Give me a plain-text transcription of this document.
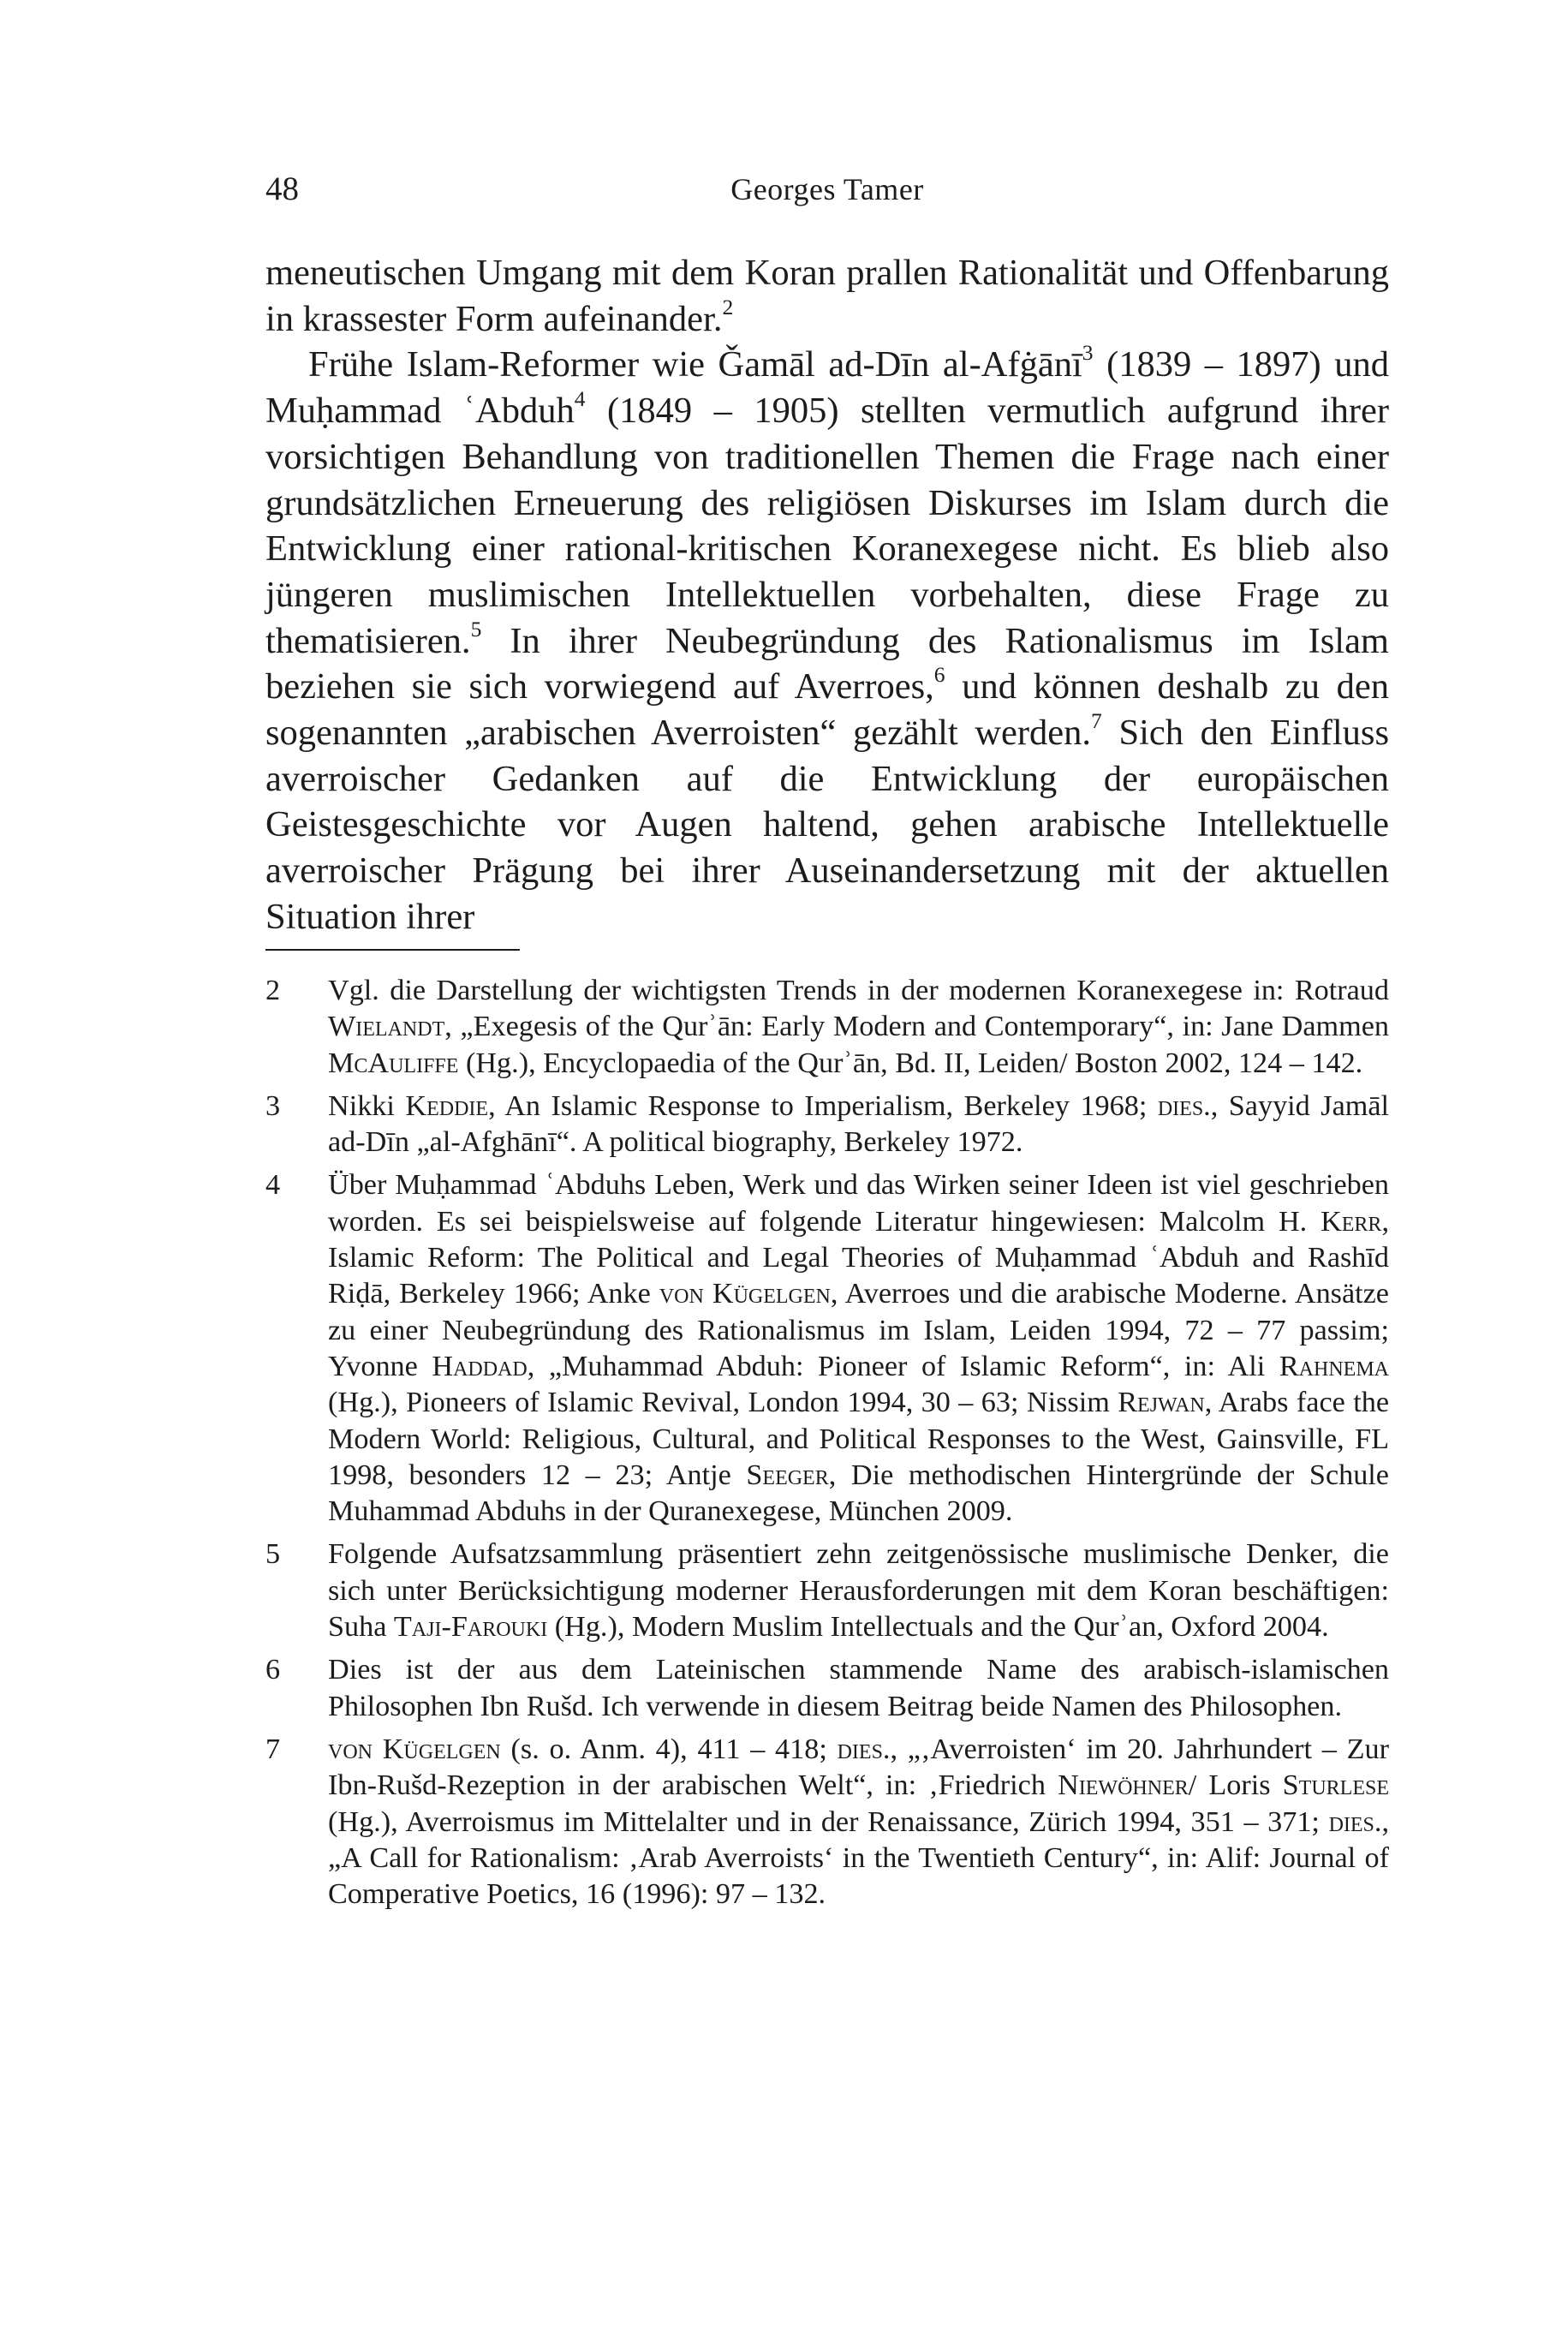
48	Georges Tamer

meneutischen Umgang mit dem Koran prallen Rationalität und Offenbarung in krassester Form aufeinander.$^2$

Frühe Islam-Reformer wie Ǧamāl ad-Dīn al-Afġānī$^3$ (1839 – 1897) und Muḥammad ʿAbduh$^4$ (1849 – 1905) stellten vermutlich aufgrund ihrer vorsichtigen Behandlung von traditionellen Themen die Frage nach einer grundsätzlichen Erneuerung des religiösen Diskurses im Islam durch die Entwicklung einer rational-kritischen Koranexegese nicht. Es blieb also jüngeren muslimischen Intellektuellen vorbehalten, diese Frage zu thematisieren.$^5$ In ihrer Neubegründung des Rationalismus im Islam beziehen sie sich vorwiegend auf Averroes,$^6$ und können deshalb zu den sogenannten „arabischen Averroisten“ gezählt werden.$^7$ Sich den Einfluss averroischer Gedanken auf die Entwicklung der europäischen Geistesgeschichte vor Augen haltend, gehen arabische Intellektuelle averroischer Prägung bei ihrer Auseinandersetzung mit der aktuellen Situation ihrer

2 Vgl. die Darstellung der wichtigsten Trends in der modernen Koranexegese in: Rotraud Wielandt, „Exegesis of the Qurʾān: Early Modern and Contemporary“, in: Jane Dammen McAuliffe (Hg.), Encyclopaedia of the Qurʾān, Bd. II, Leiden/ Boston 2002, 124 – 142.
3 Nikki Keddie, An Islamic Response to Imperialism, Berkeley 1968; dies., Sayyid Jamāl ad-Dīn „al-Afghānī“. A political biography, Berkeley 1972.
4 Über Muḥammad ʿAbduhs Leben, Werk und das Wirken seiner Ideen ist viel geschrieben worden. Es sei beispielsweise auf folgende Literatur hingewiesen: Malcolm H. Kerr, Islamic Reform: The Political and Legal Theories of Muḥammad ʿAbduh and Rashīd Riḍā, Berkeley 1966; Anke von Kügelgen, Averroes und die arabische Moderne. Ansätze zu einer Neubegründung des Rationalismus im Islam, Leiden 1994, 72 – 77 passim; Yvonne Haddad, „Muhammad Abduh: Pioneer of Islamic Reform“, in: Ali Rahnema (Hg.), Pioneers of Islamic Revival, London 1994, 30 – 63; Nissim Rejwan, Arabs face the Modern World: Religious, Cultural, and Political Responses to the West, Gainsville, FL 1998, besonders 12 – 23; Antje Seeger, Die methodischen Hintergründe der Schule Muhammad Abduhs in der Quranexegese, München 2009.
5 Folgende Aufsatzsammlung präsentiert zehn zeitgenössische muslimische Denker, die sich unter Berücksichtigung moderner Herausforderungen mit dem Koran beschäftigen: Suha Taji-Farouki (Hg.), Modern Muslim Intellectuals and the Qurʾan, Oxford 2004.
6 Dies ist der aus dem Lateinischen stammende Name des arabisch-islamischen Philosophen Ibn Rušd. Ich verwende in diesem Beitrag beide Namen des Philosophen.
7 von Kügelgen (s. o. Anm. 4), 411 – 418; dies., „‚Averroisten‘ im 20. Jahrhundert – Zur Ibn-Rušd-Rezeption in der arabischen Welt“, in: ‚Friedrich Niewöhner/ Loris Sturlese (Hg.), Averroismus im Mittelalter und in der Renaissance, Zürich 1994, 351 – 371; dies., „A Call for Rationalism: ‚Arab Averroists‘ in the Twentieth Century“, in: Alif: Journal of Comperative Poetics, 16 (1996): 97 – 132.
